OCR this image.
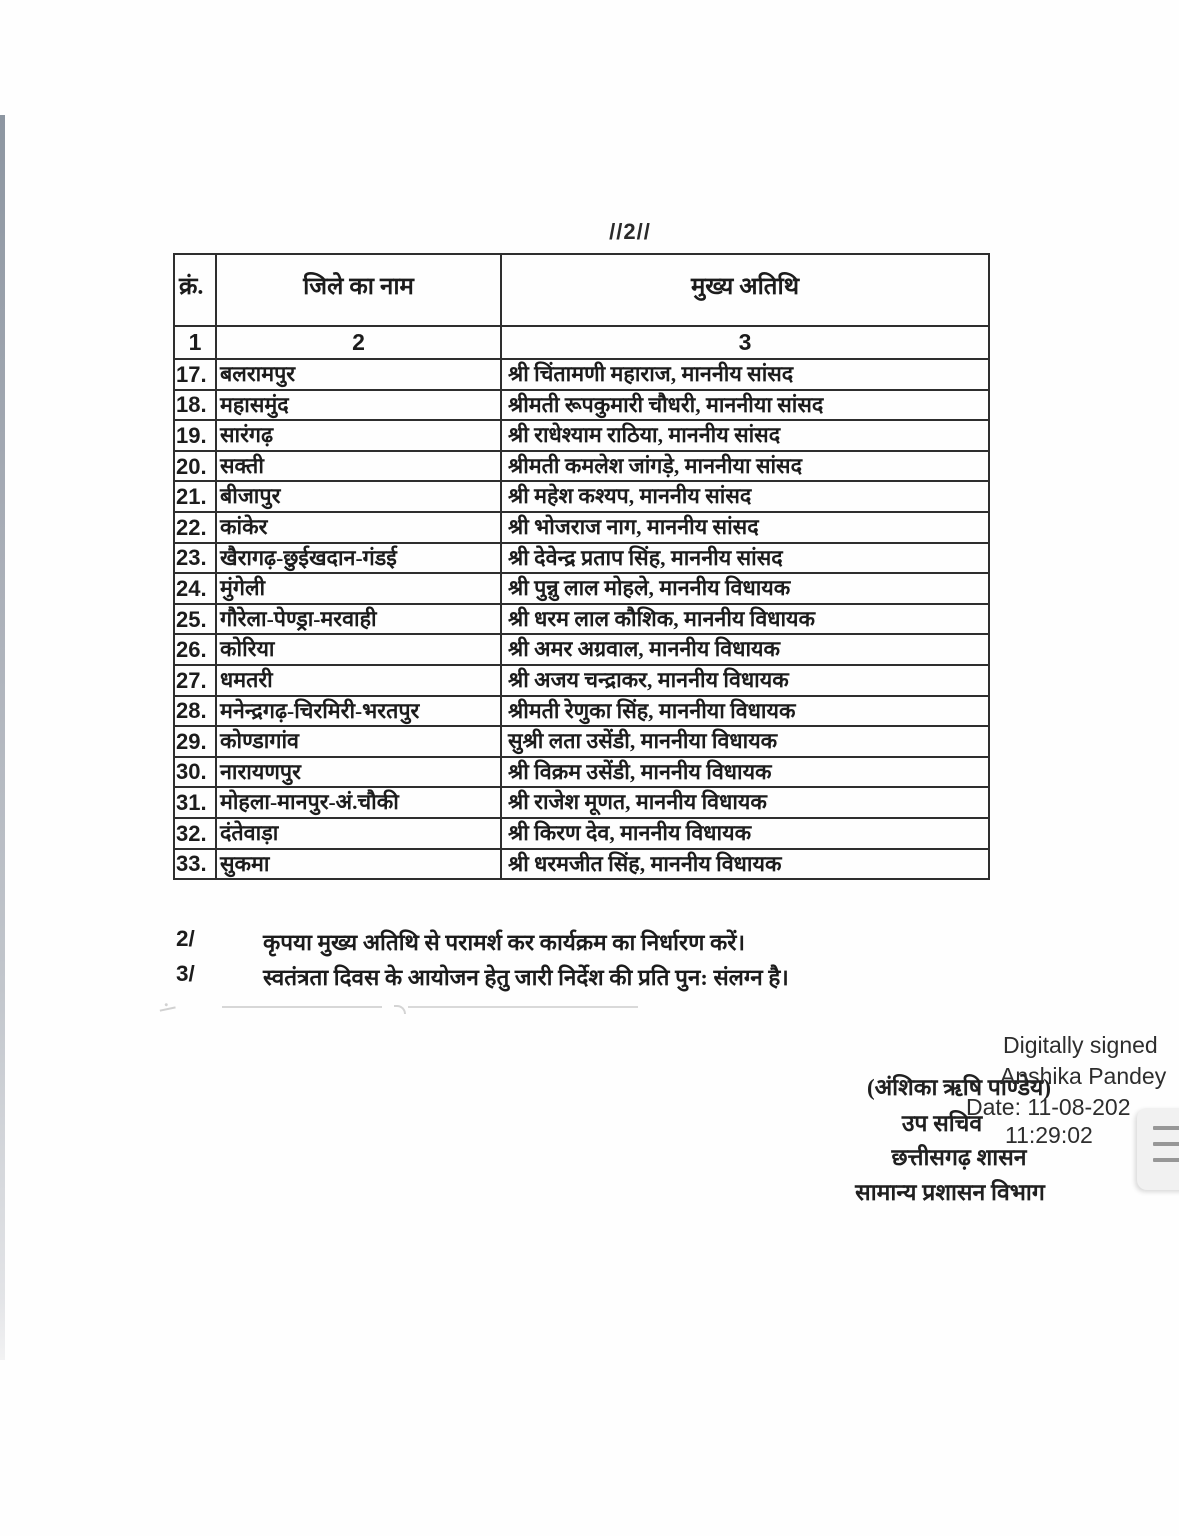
//2//
क्रं.	जिले का नाम	मुख्य अतिथि
1	2	3
17.	बलरामपुर	श्री चिंतामणी महाराज, माननीय सांसद
18.	महासमुंद	श्रीमती रूपकुमारी चौधरी, माननीया सांसद
19.	सारंगढ़	श्री राधेश्याम राठिया, माननीय सांसद
20.	सक्ती	श्रीमती कमलेश जांगड़े, माननीया सांसद
21.	बीजापुर	श्री महेश कश्यप, माननीय सांसद
22.	कांकेर	श्री भोजराज नाग, माननीय सांसद
23.	खैरागढ़-छुईखदान-गंडई	श्री देवेन्द्र प्रताप सिंह, माननीय सांसद
24.	मुंगेली	श्री पुन्नु लाल मोहले, माननीय विधायक
25.	गौरेला-पेण्ड्रा-मरवाही	श्री धरम लाल कौशिक, माननीय विधायक
26.	कोरिया	श्री अमर अग्रवाल, माननीय विधायक
27.	धमतरी	श्री अजय चन्द्राकर, माननीय विधायक
28.	मनेन्द्रगढ़-चिरमिरी-भरतपुर	श्रीमती रेणुका सिंह, माननीया विधायक
29.	कोण्डागांव	सुश्री लता उसेंडी, माननीया विधायक
30.	नारायणपुर	श्री विक्रम उसेंडी, माननीय विधायक
31.	मोहला-मानपुर-अं.चौकी	श्री राजेश मूणत, माननीय विधायक
32.	दंतेवाड़ा	श्री किरण देव, माननीय विधायक
33.	सुकमा	श्री धरमजीत सिंह, माननीय विधायक
2/	कृपया मुख्य अतिथि से परामर्श कर कार्यक्रम का निर्धारण करें।
3/	स्वतंत्रता दिवस के आयोजन हेतु जारी निर्देश की प्रति पुन: संलग्न है।
(अंशिका ऋषि पाण्डेय)
उप सचिव
छत्तीसगढ़ शासन
सामान्य प्रशासन विभाग
Digitally signed
Anshika Pandey
Date: 11-08-202
11:29:02
